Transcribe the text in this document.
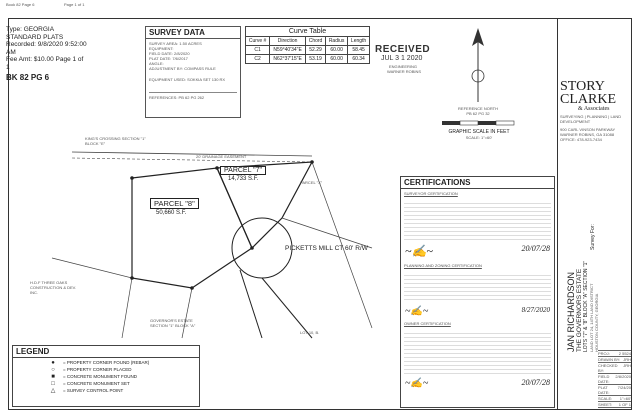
Book 82 Page 6	Page 1 of 1
Type: GEORGIA
STANDARD PLATS
Recorded: 9/8/2020 9:52:00
AM
Fee Amt: $10.00 Page 1 of
1
BK 82 PG 6
SURVEY DATA
SURVEY AREA: 1.50 ACRES
EQUIPMENT:
FIELD DATE: 2/8/2020
PLAT DATE: 7/6/2017
ANGLE:
ADJUSTMENT BY: COMPASS RULE
EQUIPMENT USED: SOKKIA SET 130 RX
REFERENCES: PB 62 PG 262
Curve Table
Curve #	Direction	Chord	Radius	Length
C1	N59°40'34"E	52.29	60.00	58.45
C2	N62°37'15"E	53.19	60.00	60.34
RECEIVED
JUL 3 1 2020
ENGINEERING
WARNER ROBINS
REFERENCE NORTH
PB 62 PG 32
GRAPHIC SCALE IN FEET
SCALE: 1"=60'
STORY
CLARKE
& Associates
SURVEYING | PLANNING | LAND DEVELOPMENT
900 CARL VINSON PARKWAY
WARNER ROBINS, GA 31088
OFFICE: 478-923-7434
PARCEL "7"
14,733 S.F.
PARCEL "8"
50,660 S.F.
PICKETTS MILL CT 60' R/W
20' DRAINAGE EASEMENT
H.D.F THREE OAKS CONSTRUCTION & DEV. INC.
KING'S CROSSING SECTION "1" BLOCK "E"
GOVERNOR'S ESTATE SECTION "1" BLOCK "A"
PARCEL "X"
LOT 10, B.
LEGEND
●	= PROPERTY CORNER FOUND (REBAR)
○	= PROPERTY CORNER PLACED
■	= CONCRETE MONUMENT FOUND
□	= CONCRETE MONUMENT SET
△	= SURVEY CONTROL POINT
CERTIFICATIONS
SURVEYOR CERTIFICATION
~✍~	20/07/28
PLANNING AND ZONING CERTIFICATION
~✍~	8/27/2020
OWNER CERTIFICATION
~✍~	20/07/28
Survey For:
JAN RICHARDSON THE GOVERNORS ESTATE LOTS "7" & "8" BLOCK "A" SECTION "1" LAND LOT 24, 14TH LAND DISTRICT HOUSTON COUNTY, GEORGIA
PROJ: 2 5524
DRAWN BY: JRH
CHECKED BY:
JRH
FIELD DATE:
2/8/2020
PLAT DATE:
7/24/20
SCALE: 1"=60'
SHEET: 1 OF 1
